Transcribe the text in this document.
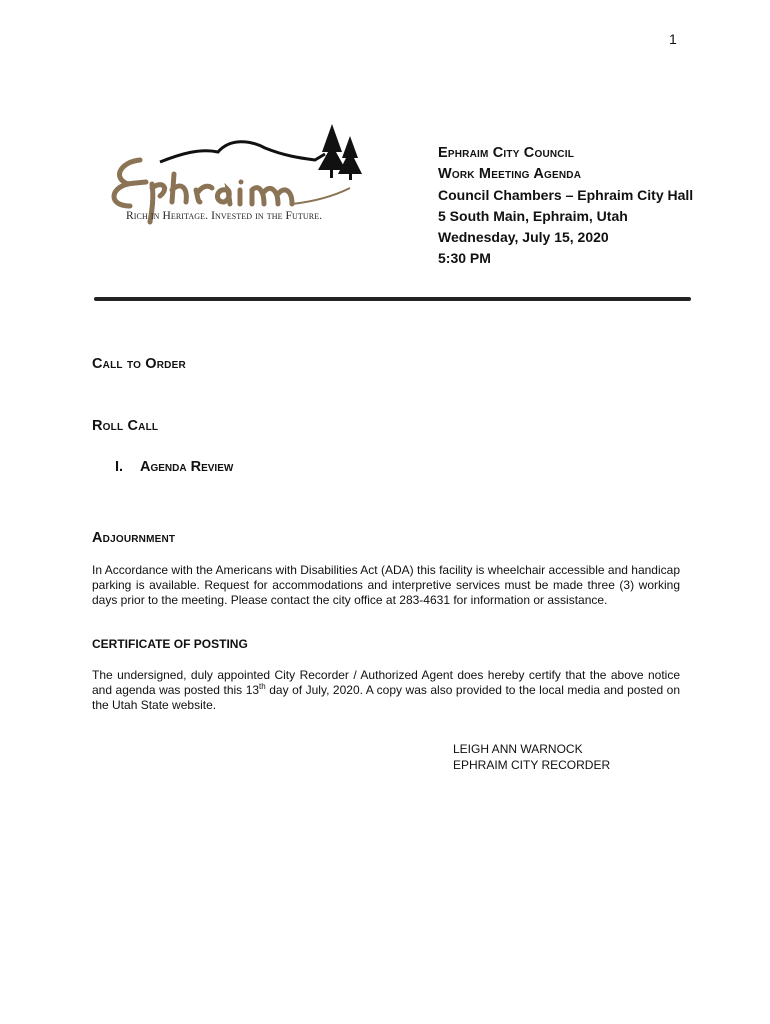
1
Rich in Heritage. Invested in the Future.
Ephraim City Council
Work Meeting Agenda
Council Chambers – Ephraim City Hall
5 South Main, Ephraim, Utah
Wednesday, July 15, 2020
5:30 PM
Call to Order
Roll Call
I. Agenda Review
Adjournment
In Accordance with the Americans with Disabilities Act (ADA) this facility is wheelchair accessible and handicap parking is available. Request for accommodations and interpretive services must be made three (3) working days prior to the meeting. Please contact the city office at 283-4631 for information or assistance.
CERTIFICATE OF POSTING
The undersigned, duly appointed City Recorder / Authorized Agent does hereby certify that the above notice and agenda was posted this 13th day of July, 2020. A copy was also provided to the local media and posted on the Utah State website.
LEIGH ANN WARNOCK
EPHRAIM CITY RECORDER
